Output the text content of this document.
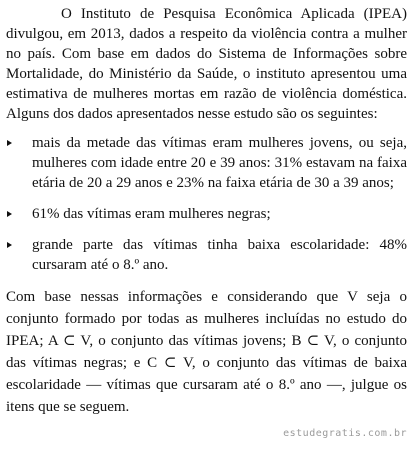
O Instituto de Pesquisa Econômica Aplicada (IPEA) divulgou, em 2013, dados a respeito da violência contra a mulher no país. Com base em dados do Sistema de Informações sobre Mortalidade, do Ministério da Saúde, o instituto apresentou uma estimativa de mulheres mortas em razão de violência doméstica. Alguns dos dados apresentados nesse estudo são os seguintes:

mais da metade das vítimas eram mulheres jovens, ou seja, mulheres com idade entre 20 e 39 anos: 31% estavam na faixa etária de 20 a 29 anos e 23% na faixa etária de 30 a 39 anos;
61% das vítimas eram mulheres negras;
grande parte das vítimas tinha baixa escolaridade: 48% cursaram até o 8.º ano.

Com base nessas informações e considerando que V seja o conjunto formado por todas as mulheres incluídas no estudo do IPEA; A ⊂ V, o conjunto das vítimas jovens; B ⊂ V, o conjunto das vítimas negras; e C ⊂ V, o conjunto das vítimas de baixa escolaridade — vítimas que cursaram até o 8.º ano —, julgue os itens que se seguem.

estudegratis.com.br
